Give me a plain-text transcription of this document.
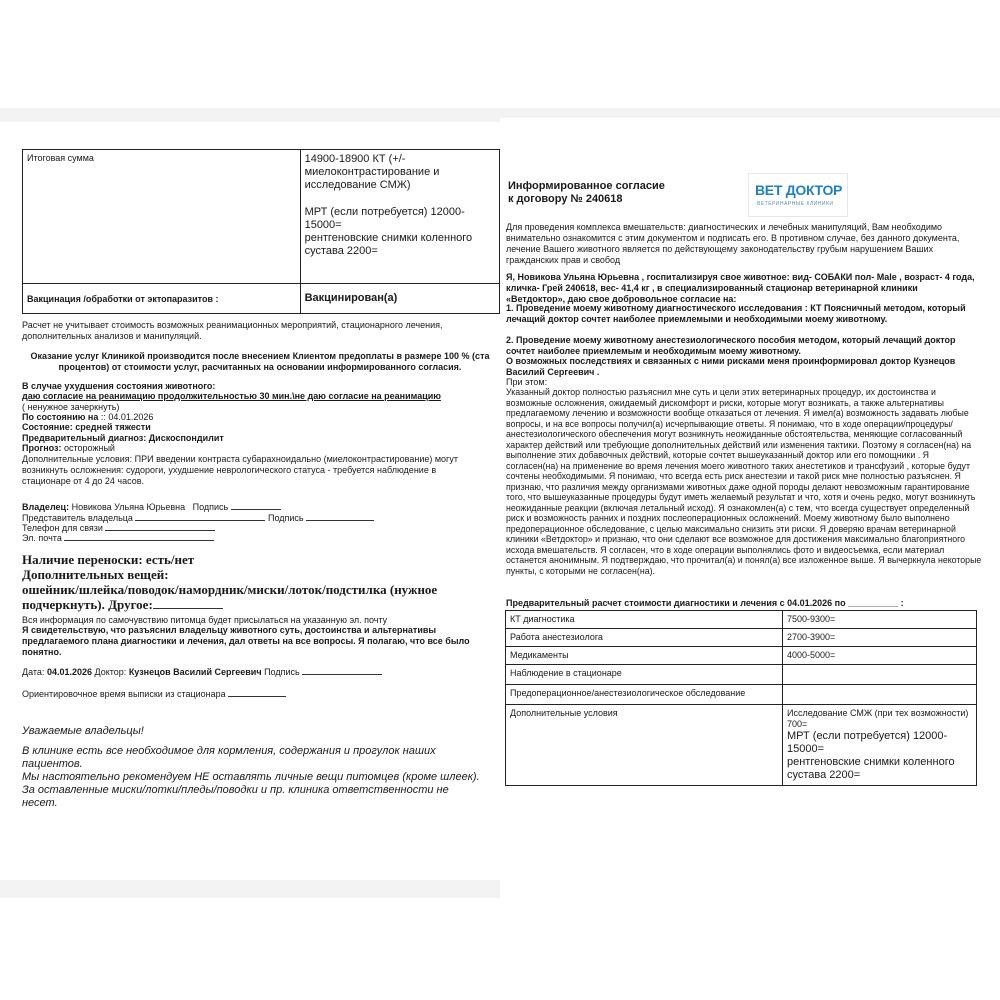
Итоговая сумма	14900-18900 КТ (+/- миелоконтрастирование и исследование СМЖ)
МРТ (если потребуется) 12000-15000=
рентгеновские снимки коленного сустава 2200=

Вакцинация /обработки от эктопаразитов :	Вакцинирован(а)
Расчет не учитывает стоимость возможных реанимационных мероприятий, стационарного лечения, дополнительных анализов и манипуляций.
Оказание услуг Клиникой производится после внесением Клиентом предоплаты в размере 100 % (ста процентов) от стоимости услуг, расчитанных на основании информированного согласия.
В случае ухудшения состояния животного:
даю согласие на реанимацию продолжительностью 30 мин.\не даю согласие на реанимацию
( ненужное зачеркнуть)
По состоянию на :: 04.01.2026
Состояние: средней тяжести
Предварительный диагноз: Дискоспондилит
Прогноз: осторожный
Дополнительные условия: ПРИ введении контраста субарахноидально (миелоконтрастирование) могут возникнуть осложнения: судороги, ухудшение неврологического статуса - требуется наблюдение в стационаре от 4 до 24 часов.
Владелец: Новикова Ульяна Юрьевна Подпись
Представитель владельца	Подпись
Телефон для связи
Эл. почта
Наличие переноски: есть/нет
Дополнительных вещей:
ошейник/шлейка/поводок/намордник/миски/лоток/подстилка (нужное подчеркнуть). Другое:
Вся информация по самочувствию питомца будет присылаться на указанную эл. почту
Я свидетельствую, что разъяснил владельцу животного суть, достоинства и альтернативы предлагаемого плана диагностики и лечения, дал ответы на все вопросы. Я полагаю, что все было понятно.
Дата: 04.01.2026 Доктор: Кузнецов Василий Сергеевич Подпись
Ориентировочное время выписки из стационара
Уважаемые владельцы!
В клинике есть все необходимое для кормления, содержания и прогулок наших пациентов.
Мы настоятельно рекомендуем НЕ оставлять личные вещи питомцев (кроме шлеек).
За оставленные миски/лотки/пледы/поводки и пр. клиника ответственности не несет.
Информированное согласие
к договору № 240618
ВЕТ ДОКТОР
ВЕТЕРИНАРНЫЕ КЛИНИКИ
Для проведения комплекса вмешательств: диагностических и лечебных манипуляций, Вам необходимо внимательно ознакомится с этим документом и подписать его. В противном случае, без данного документа, лечение Вашего животного является по действующему законодательству грубым нарушением Ваших гражданских прав и свобод
Я, Новикова Ульяна Юрьевна , госпитализируя свое животное: вид- СОБАКИ пол- Male , возраст- 4 года, кличка- Грей 240618, вес- 41,4 кг , в специализированный стационар ветеринарной клиники «Ветдоктор», даю свое добровольное согласие на:
1. Проведение моему животному диагностического исследования : КТ Поясничный методом, который лечащий доктор сочтет наиболее приемлемыми и необходимыми моему животному.
2. Проведение моему животному анестезиологического пособия методом, который лечащий доктор сочтет наиболее приемлемым и необходимым моему животному.
О возможных последствиях и связанных с ними рисками меня проинформировал доктор Кузнецов Василий Сергеевич .
При этом:
Указанный доктор полностью разъяснил мне суть и цели этих ветеринарных процедур, их достоинства и возможные осложнения, ожидаемый дискомфорт и риски, которые могут возникать, а также альтернативы предлагаемому лечению и возможности вообще отказаться от лечения. Я имел(а) возможность задавать любые вопросы, и на все вопросы получил(а) исчерпывающие ответы. Я понимаю, что в ходе операции/процедуры/ анестезиологического обеспечения могут возникнуть неожиданные обстоятельства, меняющие согласованный характер действий или требующие дополнительных действий или изменения тактики. Поэтому я согласен(на) на выполнение этих добавочных действий, которые сочтет вышеуказанный доктор или его помощники . Я согласен(на) на применение во время лечения моего животного таких анестетиков и трансфузий , которые будут сочтены необходимыми. Я понимаю, что всегда есть риск анестезии и такой риск мне полностью разъяснен. Я признаю, что различия между организмами животных даже одной породы делают невозможным гарантирование того, что вышеуказанные процедуры будут иметь желаемый результат и что, хотя и очень редко, могут возникнуть неожиданные реакции (включая летальный исход). Я ознакомлен(а) с тем, что всегда существует определенный риск и возможность ранних и поздних послеоперационных осложнений. Моему животному было выполнено предоперационное обследование, с целью максимально снизить эти риски. Я доверяю врачам ветеринарной клиники «Ветдоктор» и признаю, что они сделают все возможное для достижения максимально благоприятного исхода вмешательств. Я согласен, что в ходе операции выполнялись фото и видеосъемка, если материал останется анонимным. Я подтверждаю, что прочитал(а) и понял(а) все изложенное выше. Я вычеркнула некоторые пункты, с которыми не согласен(на).
Предварительный расчет стоимости диагностики и лечения с 04.01.2026 по __________ :
КТ диагностика	7500-9300=
Работа анестезиолога	2700-3900=
Медикаменты	4000-5000=
Наблюдение в стационаре	
Предоперационное/анестезиологическое обследование	
Дополнительные условия	Исследование СМЖ (при тех возможности) 700=
МРТ (если потребуется) 12000-15000=
рентгеновские снимки коленного сустава 2200=
